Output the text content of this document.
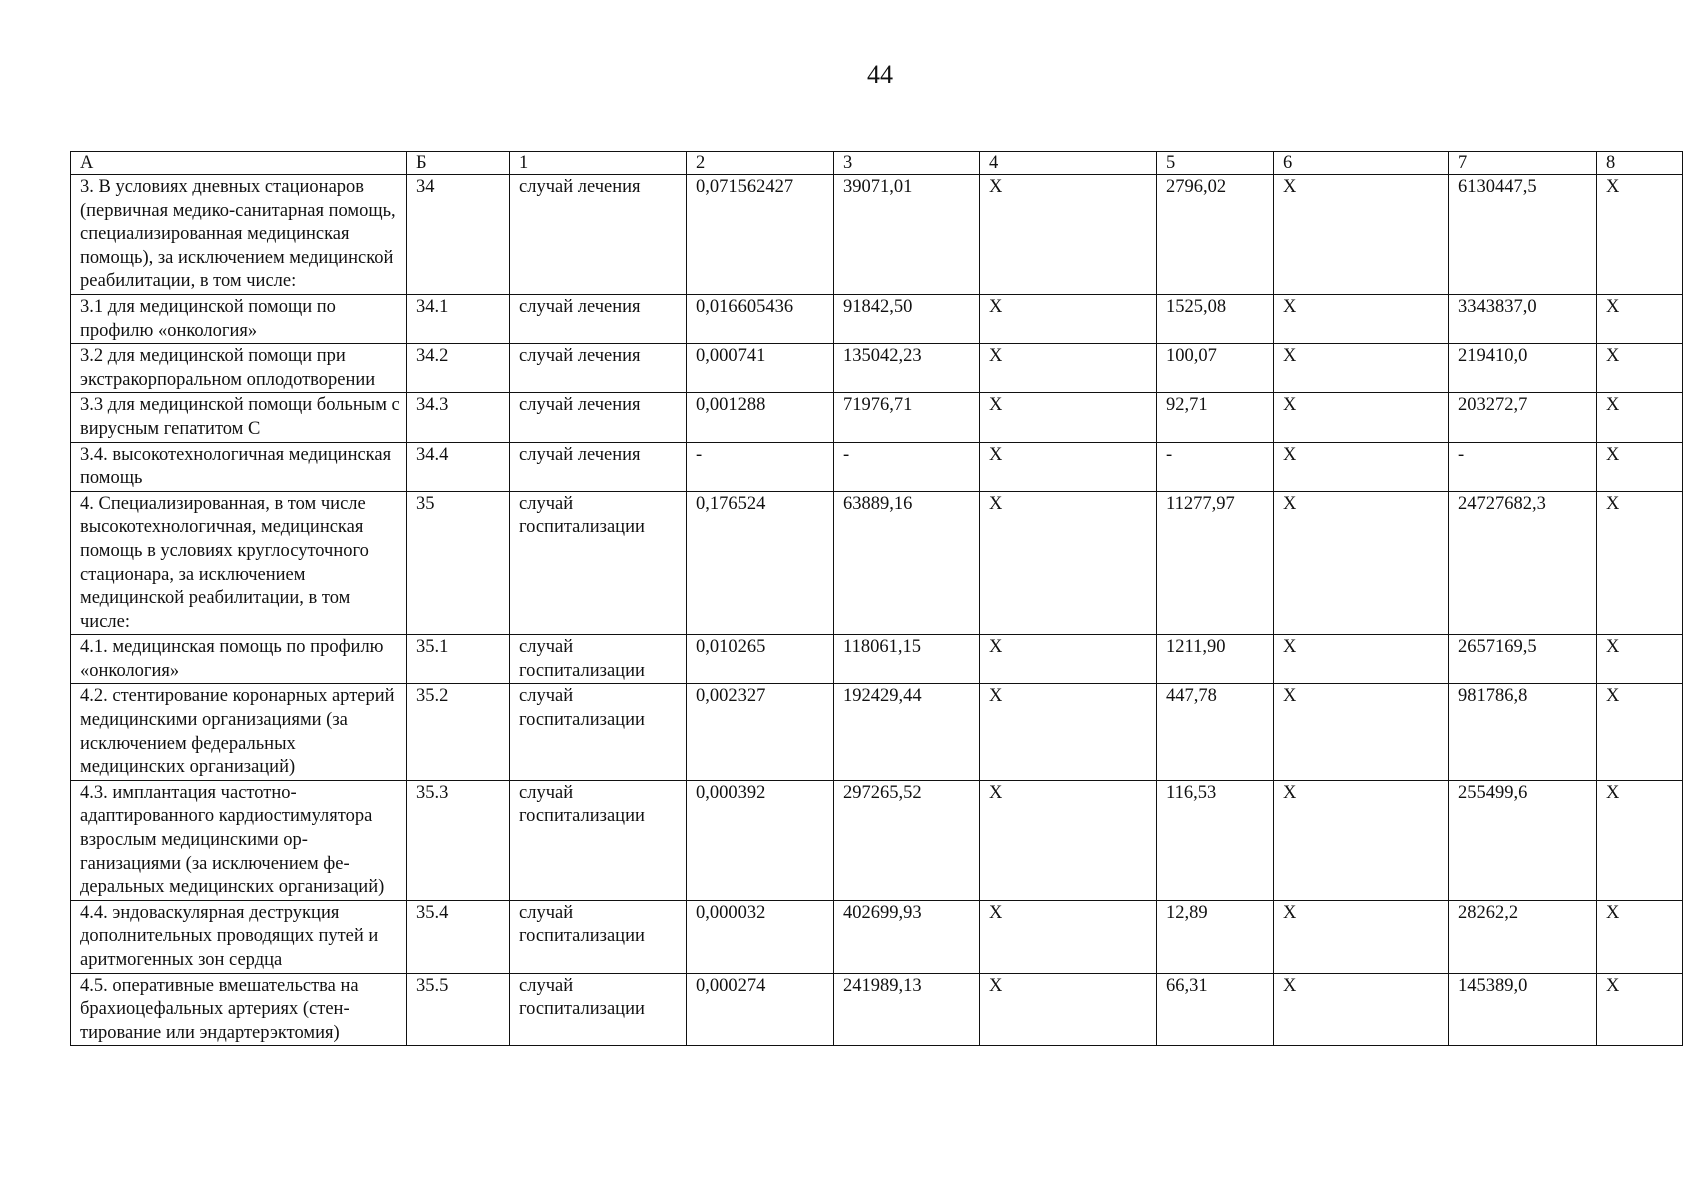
44
А	Б	1	2	3	4	5	6	7	8
3. В условиях дневных стационаров (первичная медико-санитарная помощь, специализированная медицинская помощь), за исключением медицинской реабилитации, в том числе:	34	случай лечения	0,071562427	39071,01	X	2796,02	X	6130447,5	X
3.1 для медицинской помощи по профилю «онкология»	34.1	случай лечения	0,016605436	91842,50	X	1525,08	X	3343837,0	X
3.2 для медицинской помощи при экстракорпоральном оплодотворении	34.2	случай лечения	0,000741	135042,23	X	100,07	X	219410,0	X
3.3 для медицинской помощи больным с вирусным гепатитом С	34.3	случай лечения	0,001288	71976,71	X	92,71	X	203272,7	X
3.4. высокотехнологичная медицинская помощь	34.4	случай лечения	-	-	X	-	X	-	X
4. Специализированная, в том числе высокотехнологичная, медицинская помощь в условиях круглосуточного стационара, за исключением медицинской реабилитации, в том числе:	35	случай госпитализации	0,176524	63889,16	X	11277,97	X	24727682,3	X
4.1. медицинская помощь по профилю «онкология»	35.1	случай госпитализации	0,010265	118061,15	X	1211,90	X	2657169,5	X
4.2. стентирование коронарных артерий медицинскими организациями (за исключением федеральных медицинских организаций)	35.2	случай госпитализации	0,002327	192429,44	X	447,78	X	981786,8	X
4.3. имплантация частотно-адаптированного кардиостимулятора взрослым медицинскими организациями (за исключением федеральных медицинских организаций)	35.3	случай госпитализации	0,000392	297265,52	X	116,53	X	255499,6	X
4.4. эндоваскулярная деструкция дополнительных проводящих путей и аритмогенных зон сердца	35.4	случай госпитализации	0,000032	402699,93	X	12,89	X	28262,2	X
4.5. оперативные вмешательства на брахиоцефальных артериях (стентирование или эндартерэктомия)	35.5	случай госпитализации	0,000274	241989,13	X	66,31	X	145389,0	X
